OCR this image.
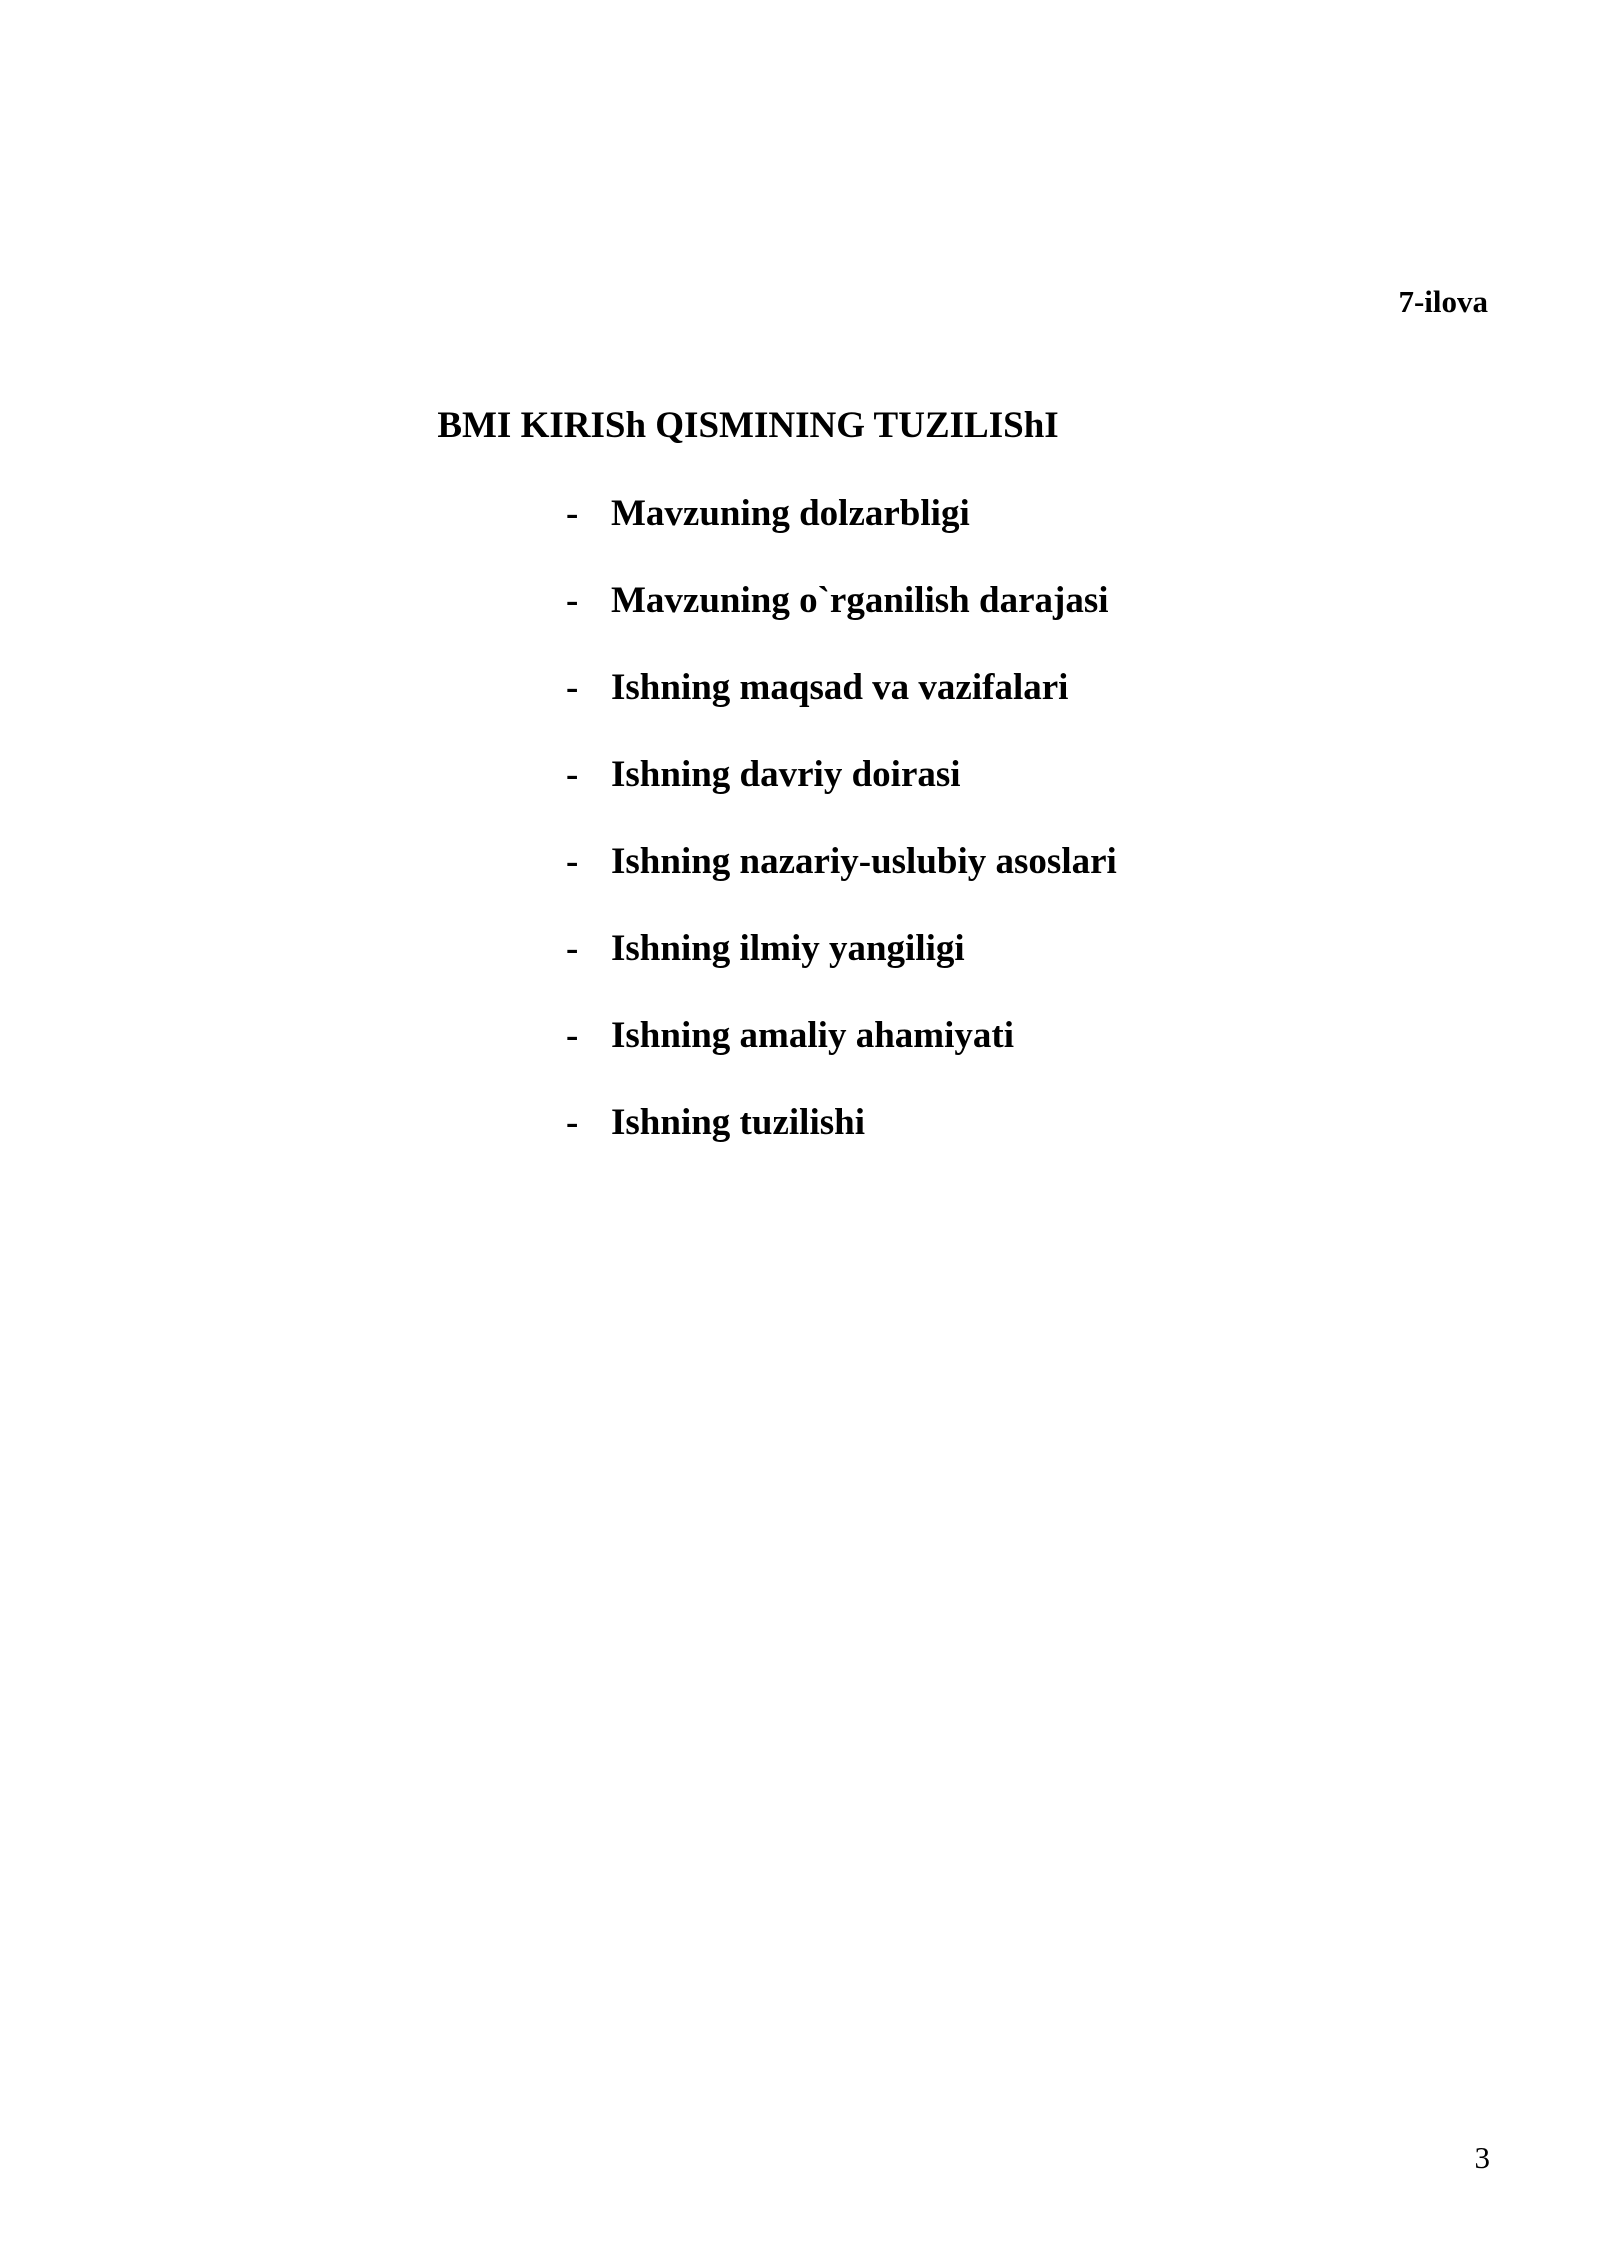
7-ilova
BMI KIRISh QISMINING TUZILIShI
- Mavzuning dolzarbligi
- Mavzuning o`rganilish darajasi
- Ishning maqsad va vazifalari
- Ishning davriy doirasi
- Ishning nazariy-uslubiy asoslari
- Ishning ilmiy yangiligi
- Ishning amaliy ahamiyati
- Ishning tuzilishi
3
